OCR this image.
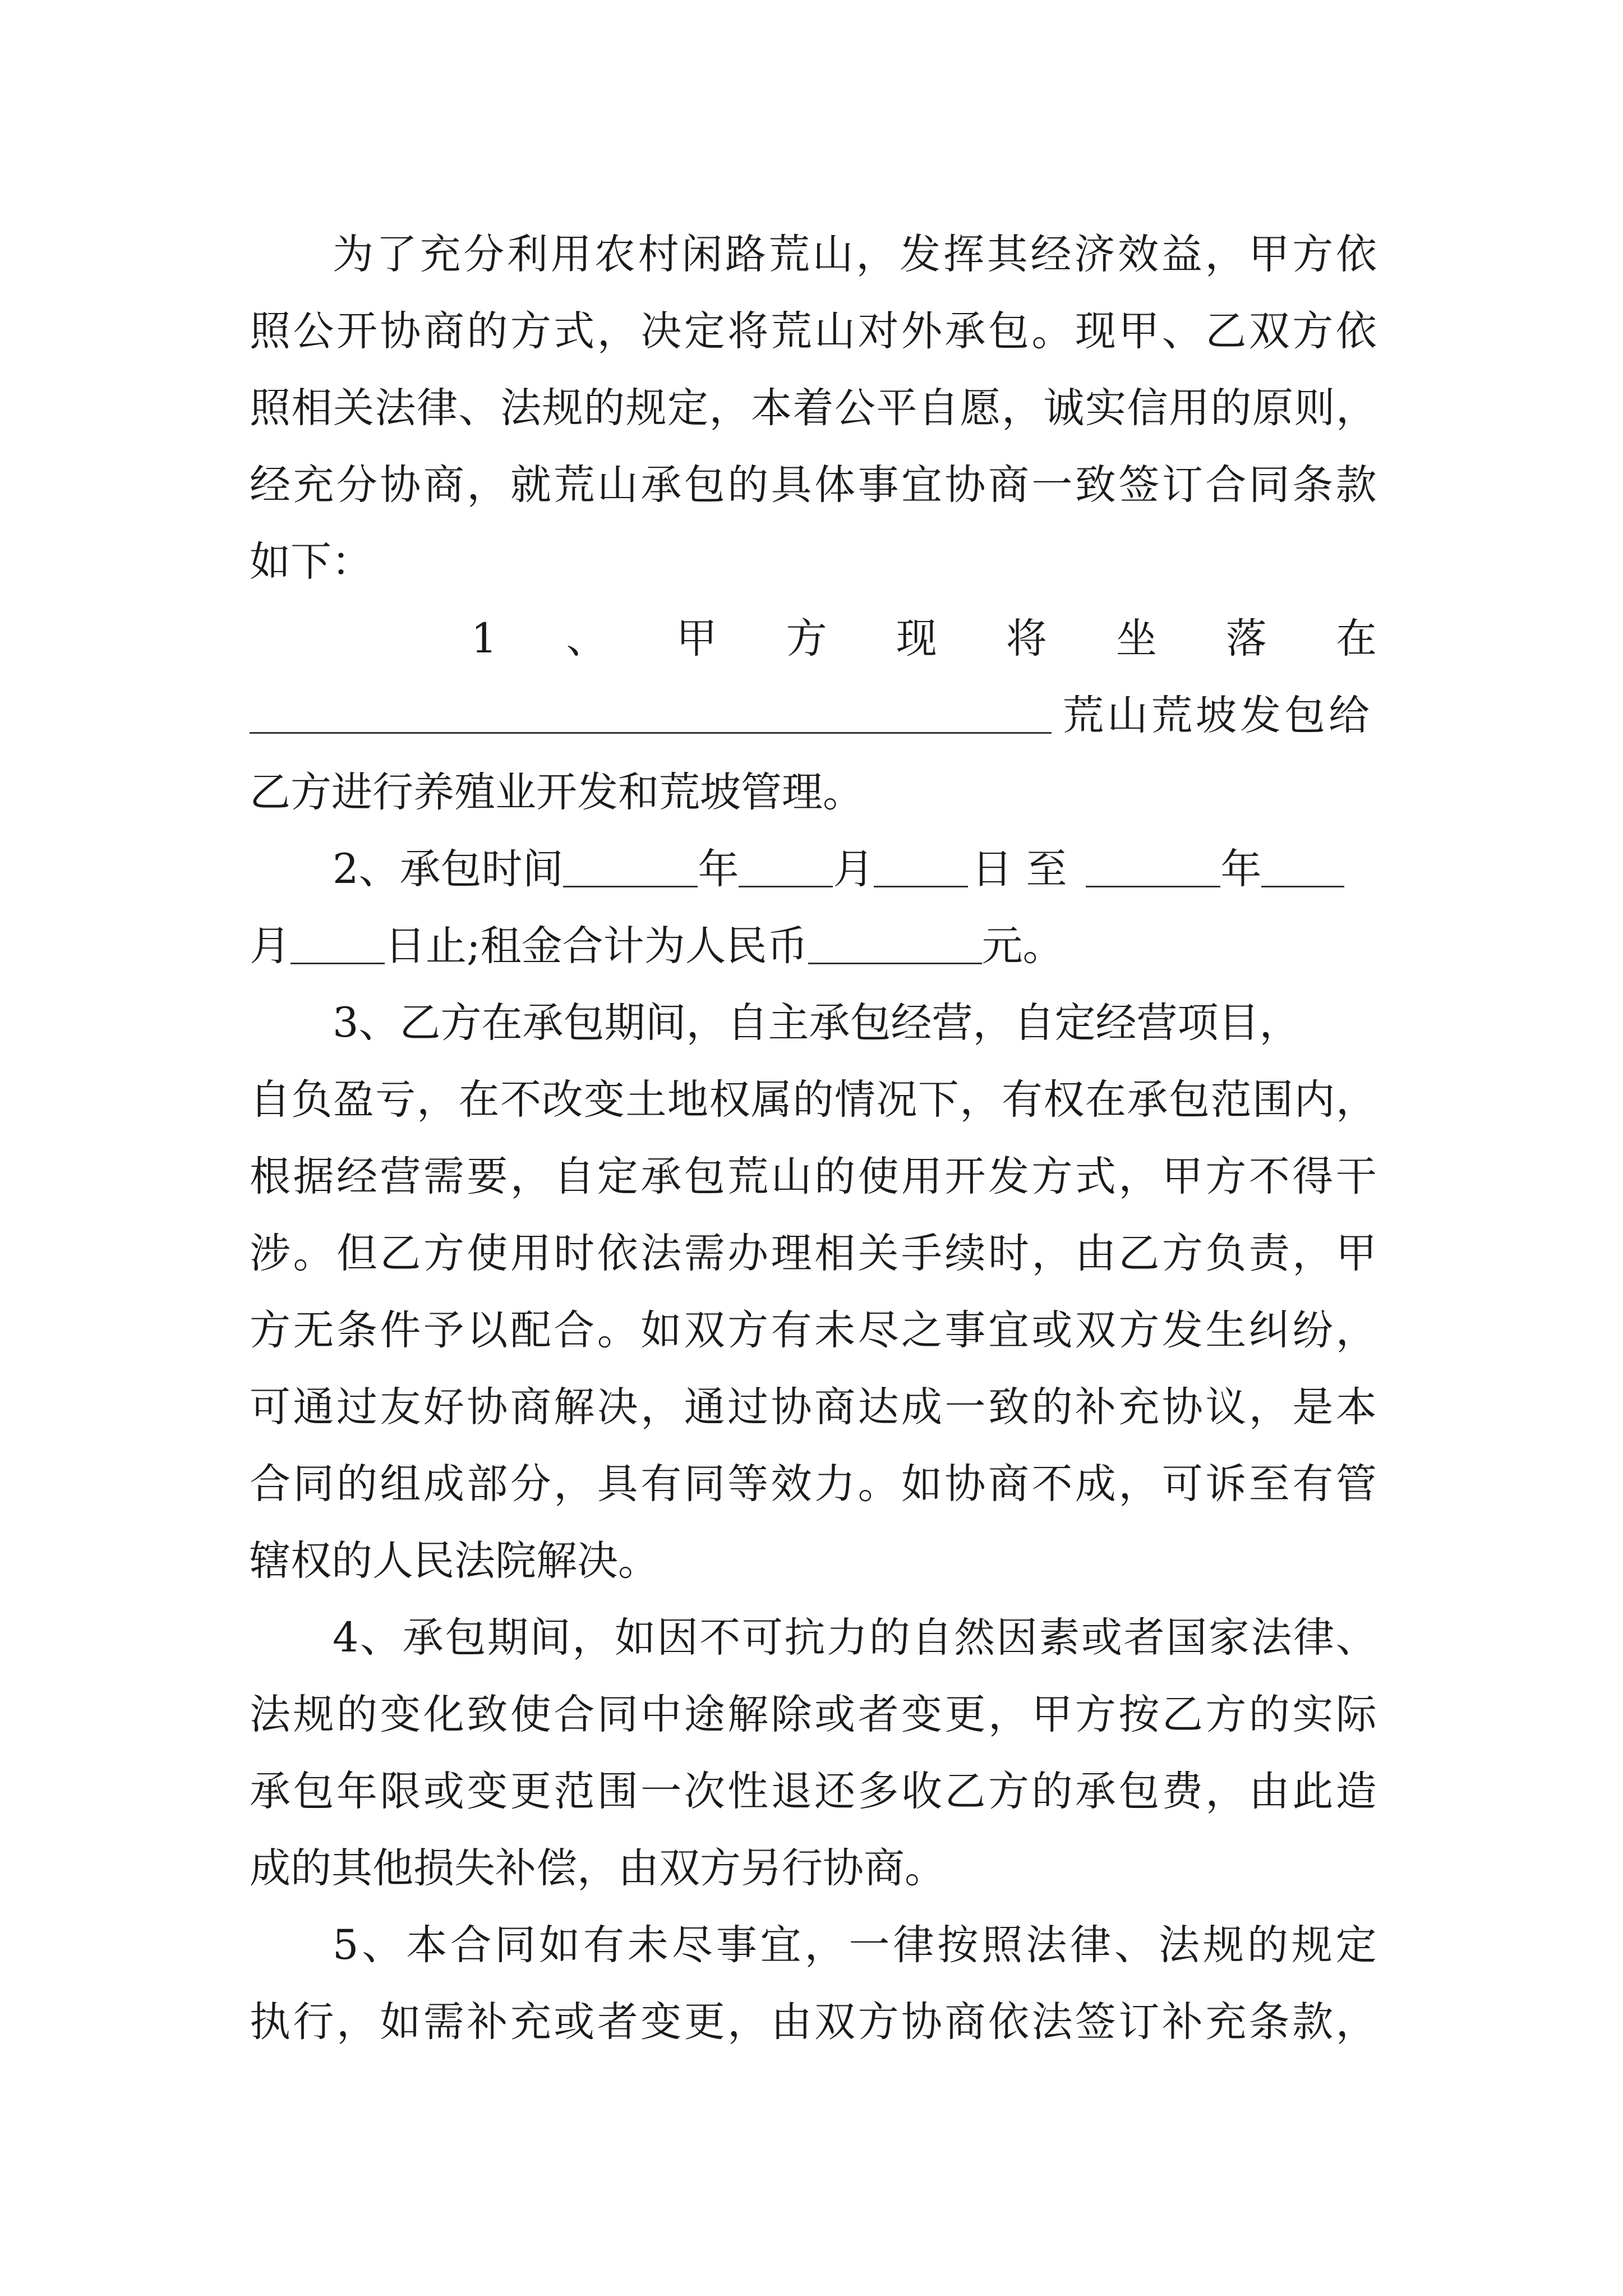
为 了 充 分 利 用 农 村 闲 路 荒 山 ， 发 挥 其 经 济 效 益 ， 甲 方 依
照 公 开 协 商 的 方 式 ， 决 定 将 荒 山 对 外 承 包 。 现 甲 、 乙 双 方 依
照 相 关 法 律 、 法 规 的 规 定 ， 本 着 公 平 自 愿 ， 诚 实 信 用 的 原 则 ，
经 充 分 协 商 ， 就 荒 山 承 包 的 具 体 事 宜 协 商 一 致 签 订 合 同 条 款
如下：
1 、 甲 方 现 将 坐 落 在
荒山荒坡发包给
乙方进行养殖业开发和荒坡管理。
2、承包时间	年 月 日 至	年
月 日止;租金合计为人民币	元。
3、乙方在承包期间，自主承包经营，自定经营项目，
自 负 盈 亏 ， 在 不 改 变 土 地 权 属 的 情 况 下 ， 有 权 在 承 包 范 围 内 ，
根 据 经 营 需 要 ， 自 定 承 包 荒 山 的 使 用 开 发 方 式 ， 甲 方 不 得 干
涉 。 但 乙 方 使 用 时 依 法 需 办 理 相 关 手 续 时 ， 由 乙 方 负 责 ， 甲
方 无 条 件 予 以 配 合 。 如 双 方 有 未 尽 之 事 宜 或 双 方 发 生 纠 纷 ，
可 通 过 友 好 协 商 解 决 ， 通 过 协 商 达 成 一 致 的 补 充 协 议 ， 是 本
合 同 的 组 成 部 分 ， 具 有 同 等 效 力 。 如 协 商 不 成 ， 可 诉 至 有 管
辖权的人民法院解决。
4 、 承 包 期 间 ， 如 因 不 可 抗 力 的 自 然 因 素 或 者 国 家 法 律 、
法 规 的 变 化 致 使 合 同 中 途 解 除 或 者 变 更 ， 甲 方 按 乙 方 的 实 际
承 包 年 限 或 变 更 范 围 一 次 性 退 还 多 收 乙 方 的 承 包 费 ， 由 此 造
成的其他损失补偿，由双方另行协商。
5 、 本 合 同 如 有 未 尽 事 宜 ， 一 律 按 照 法 律 、 法 规 的 规 定
执 行 ， 如 需 补 充 或 者 变 更 ， 由 双 方 协 商 依 法 签 订 补 充 条 款 ，
